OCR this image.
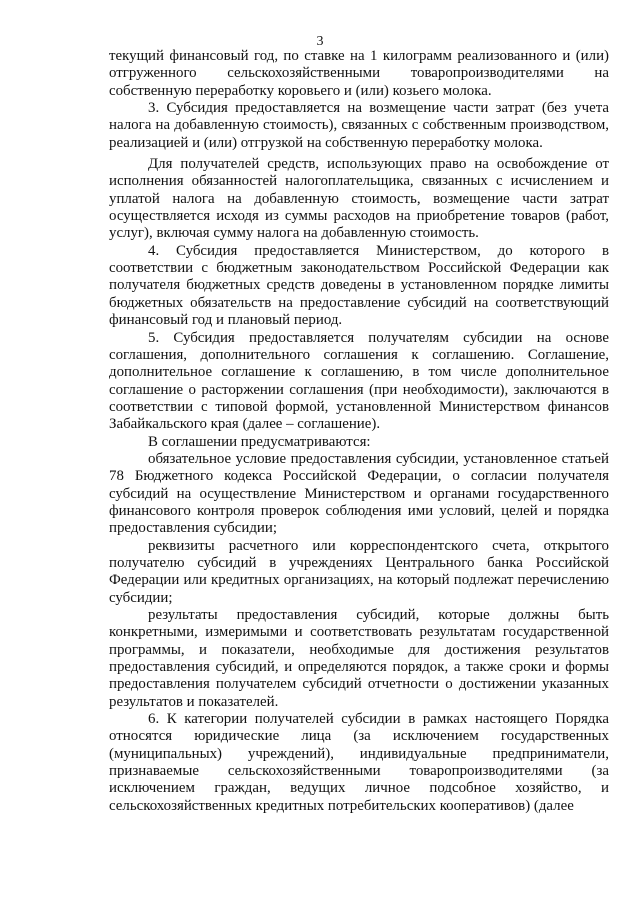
3

текущий финансовый год, по ставке на 1 килограмм реализованного и (или) отгруженного сельскохозяйственными товаропроизводителями на собственную переработку коровьего и (или) козьего молока.

3. Субсидия предоставляется на возмещение части затрат (без учета налога на добавленную стоимость), связанных с собственным производством, реализацией и (или) отгрузкой на собственную переработку молока.

Для получателей средств, использующих право на освобождение от исполнения обязанностей налогоплательщика, связанных с исчислением и уплатой налога на добавленную стоимость, возмещение части затрат осуществляется исходя из суммы расходов на приобретение товаров (работ, услуг), включая сумму налога на добавленную стоимость.

4. Субсидия предоставляется Министерством, до которого в соответствии с бюджетным законодательством Российской Федерации как получателя бюджетных средств доведены в установленном порядке лимиты бюджетных обязательств на предоставление субсидий на соответствующий финансовый год и плановый период.

5. Субсидия предоставляется получателям субсидии на основе соглашения, дополнительного соглашения к соглашению. Соглашение, дополнительное соглашение к соглашению, в том числе дополнительное соглашение о расторжении соглашения (при необходимости), заключаются в соответствии с типовой формой, установленной Министерством финансов Забайкальского края (далее – соглашение).

В соглашении предусматриваются:

обязательное условие предоставления субсидии, установленное статьей 78 Бюджетного кодекса Российской Федерации, о согласии получателя субсидий на осуществление Министерством и органами государственного финансового контроля проверок соблюдения ими условий, целей и порядка предоставления субсидии;

реквизиты расчетного или корреспондентского счета, открытого получателю субсидий в учреждениях Центрального банка Российской Федерации или кредитных организациях, на который подлежат перечислению субсидии;

результаты предоставления субсидий, которые должны быть конкретными, измеримыми и соответствовать результатам государственной программы, и показатели, необходимые для достижения результатов предоставления субсидий, и определяются порядок, а также сроки и формы предоставления получателем субсидий отчетности о достижении указанных результатов и показателей.

6. К категории получателей субсидии в рамках настоящего Порядка относятся юридические лица (за исключением государственных (муниципальных) учреждений), индивидуальные предприниматели, признаваемые сельскохозяйственными товаропроизводителями (за исключением граждан, ведущих личное подсобное хозяйство, и сельскохозяйственных кредитных потребительских кооперативов) (далее
